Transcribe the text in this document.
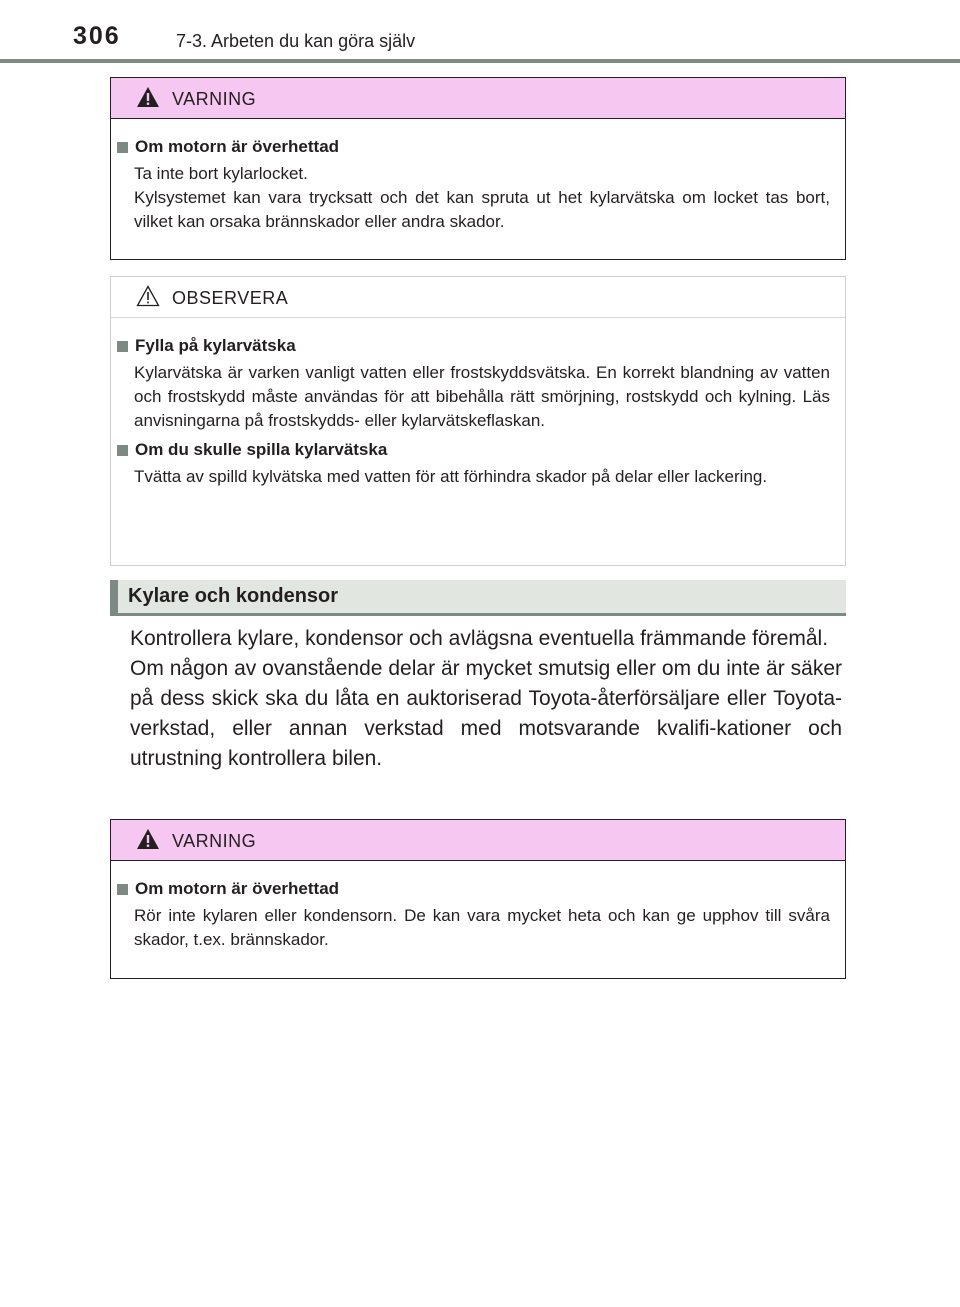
306	7-3. Arbeten du kan göra själv
VARNING
Om motorn är överhettad
Ta inte bort kylarlocket.
Kylsystemet kan vara trycksatt och det kan spruta ut het kylarvätska om locket tas bort, vilket kan orsaka brännskador eller andra skador.
OBSERVERA
Fylla på kylarvätska
Kylarvätska är varken vanligt vatten eller frostskyddsvätska. En korrekt blandning av vatten och frostskydd måste användas för att bibehålla rätt smörjning, rostskydd och kylning. Läs anvisningarna på frostskydds- eller kylarvätskeflaskan.
Om du skulle spilla kylarvätska
Tvätta av spilld kylvätska med vatten för att förhindra skador på delar eller lackering.
Kylare och kondensor

Kontrollera kylare, kondensor och avlägsna eventuella främmande föremål.

Om någon av ovanstående delar är mycket smutsig eller om du inte är säker på dess skick ska du låta en auktoriserad Toyota-återförsäljare eller Toyota-verkstad, eller annan verkstad med motsvarande kvalifi-kationer och utrustning kontrollera bilen.

VARNING
Om motorn är överhettad
Rör inte kylaren eller kondensorn. De kan vara mycket heta och kan ge upphov till svåra skador, t.ex. brännskador.
